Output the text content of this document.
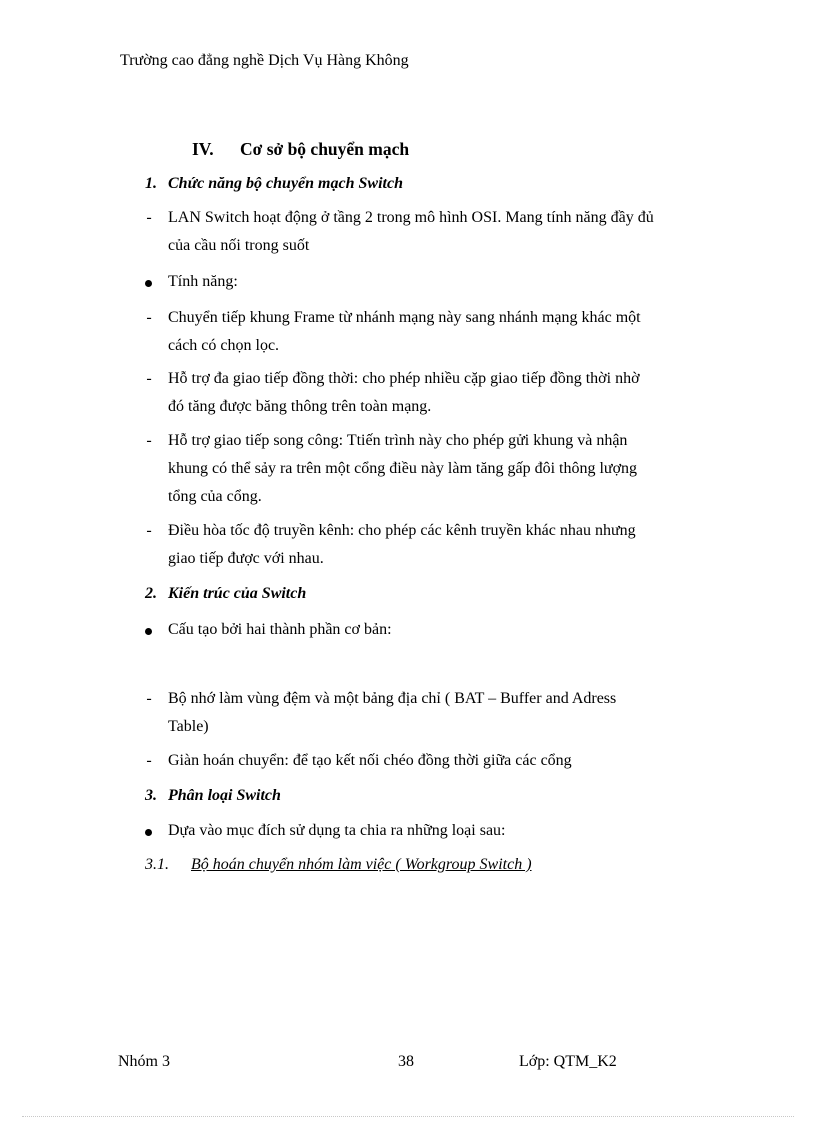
Trường cao đẳng nghề Dịch Vụ Hàng Không
IV. Cơ sở bộ chuyển mạch
1. Chức năng bộ chuyển mạch Switch
- LAN Switch hoạt động ở tầng 2 trong mô hình OSI. Mang tính năng đầy đủ
của cầu nối trong suốt
Tính năng:
- Chuyển tiếp khung Frame từ nhánh mạng này sang nhánh mạng khác một
cách có chọn lọc.
- Hỗ trợ đa giao tiếp đồng thời: cho phép nhiều cặp giao tiếp đồng thời nhờ
đó tăng được băng thông trên toàn mạng.
- Hỗ trợ giao tiếp song công: Ttiến trình này cho phép gửi khung và nhận
khung có thể sảy ra trên một cổng điều này làm tăng gấp đôi thông lượng
tổng của cổng.
- Điều hòa tốc độ truyền kênh: cho phép các kênh truyền khác nhau nhưng
giao tiếp được với nhau.
2. Kiến trúc của Switch
Cấu tạo bởi hai thành phần cơ bản:
- Bộ nhớ làm vùng đệm và một bảng địa chỉ ( BAT – Buffer and Adress
Table)
- Giàn hoán chuyển: để tạo kết nối chéo đồng thời giữa các cổng
3. Phân loại Switch
Dựa vào mục đích sử dụng ta chia ra những loại sau:
3.1. Bộ hoán chuyển nhóm làm việc ( Workgroup Switch )
Nhóm 3	38	Lớp: QTM_K2
